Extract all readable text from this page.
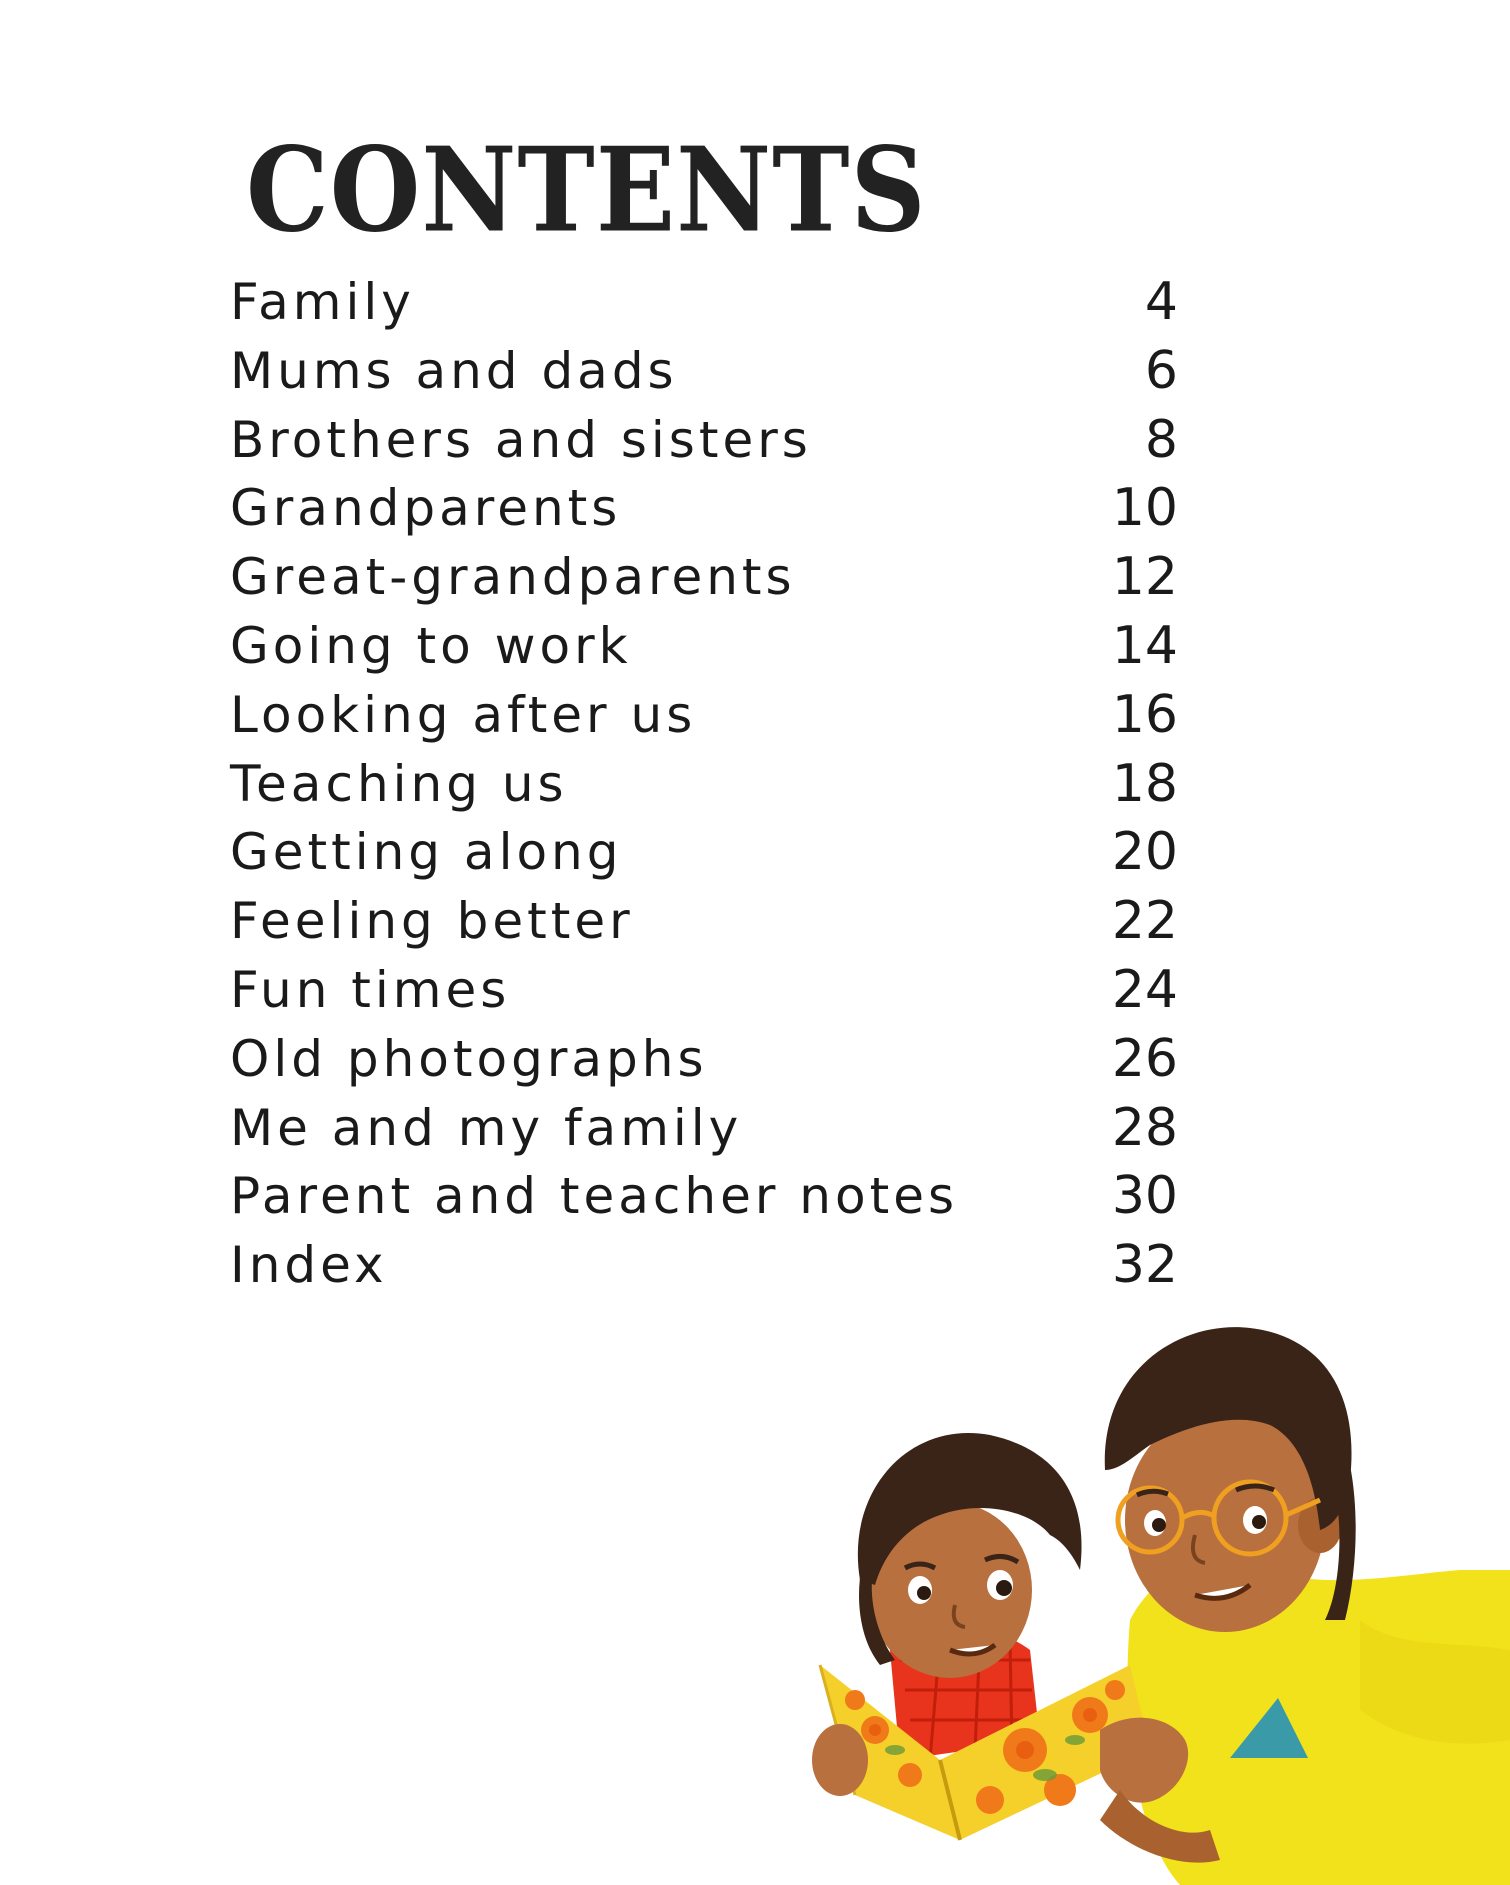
CONTENTS
Family	4
Mums and dads	6
Brothers and sisters	8
Grandparents	10
Great-grandparents	12
Going to work	14
Looking after us	16
Teaching us	18
Getting along	20
Feeling better	22
Fun times	24
Old photographs	26
Me and my family	28
Parent and teacher notes	30
Index	32
